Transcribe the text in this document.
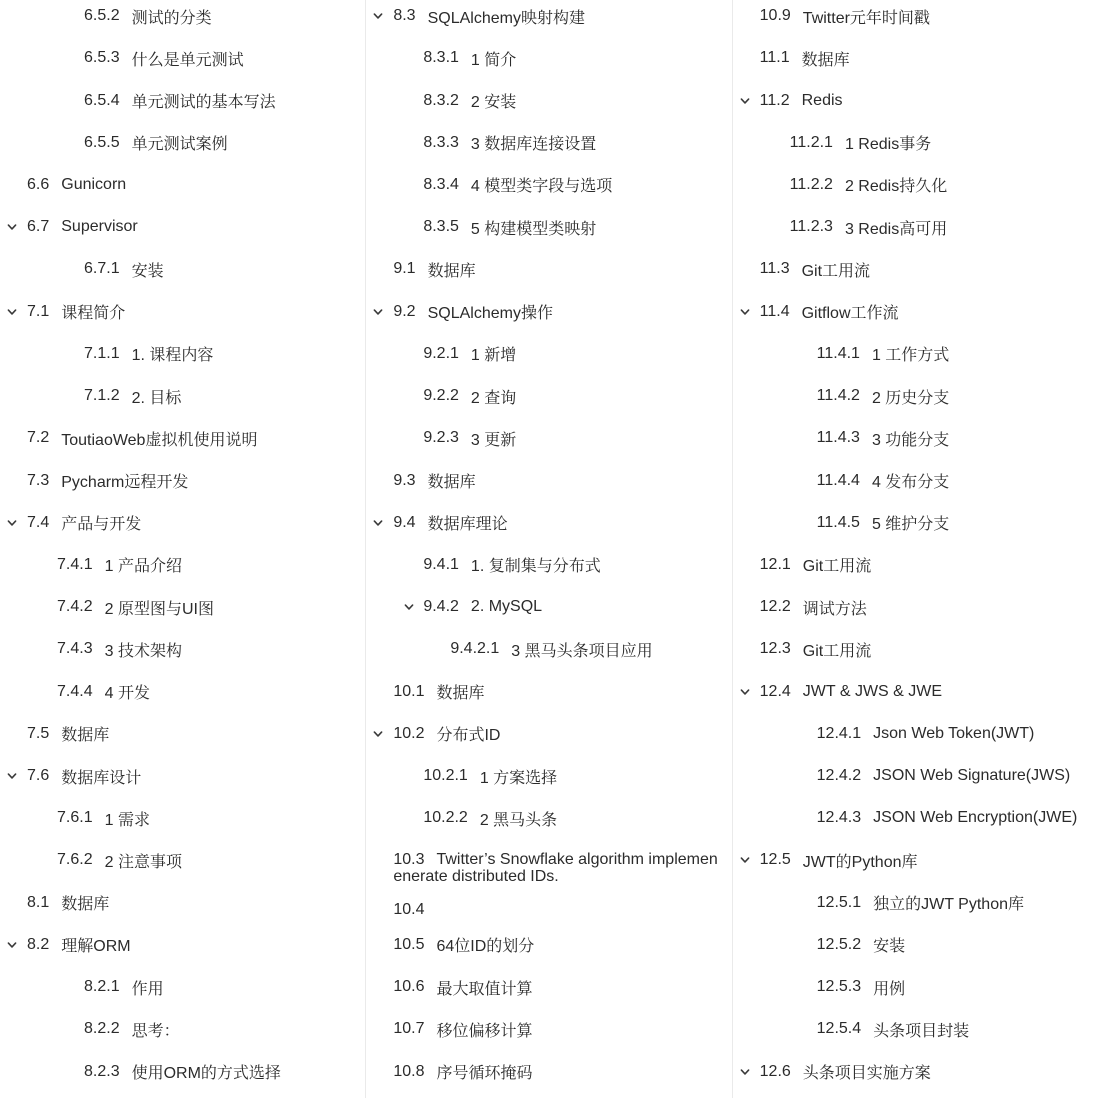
6.5.2 测试的分类
6.5.3 什么是单元测试
6.5.4 单元测试的基本写法
6.5.5 单元测试案例
6.6 Gunicorn
6.7 Supervisor
6.7.1 安装
7.1 课程简介
7.1.1 1. 课程内容
7.1.2 2. 目标
7.2 ToutiaoWeb虚拟机使用说明
7.3 Pycharm远程开发
7.4 产品与开发
7.4.1 1 产品介绍
7.4.2 2 原型图与UI图
7.4.3 3 技术架构
7.4.4 4 开发
7.5 数据库
7.6 数据库设计
7.6.1 1 需求
7.6.2 2 注意事项
8.1 数据库
8.2 理解ORM
8.2.1 作用
8.2.2 思考：
8.2.3 使用ORM的方式选择
8.3 SQLAlchemy映射构建
8.3.1 1 简介
8.3.2 2 安装
8.3.3 3 数据库连接设置
8.3.4 4 模型类字段与选项
8.3.5 5 构建模型类映射
9.1 数据库
9.2 SQLAlchemy操作
9.2.1 1 新增
9.2.2 2 查询
9.2.3 3 更新
9.3 数据库
9.4 数据库理论
9.4.1 1. 复制集与分布式
9.4.2 2. MySQL
9.4.2.1 3 黑马头条项目应用
10.1 数据库
10.2 分布式ID
10.2.1 1 方案选择
10.2.2 2 黑马头条
10.3 Twitter’s Snowflake algorithm implemen
enerate distributed IDs.
10.4
10.5 64位ID的划分
10.6 最大取值计算
10.7 移位偏移计算
10.8 序号循环掩码
10.9 Twitter元年时间戳
11.1 数据库
11.2 Redis
11.2.1 1 Redis事务
11.2.2 2 Redis持久化
11.2.3 3 Redis高可用
11.3 Git工用流
11.4 Gitflow工作流
11.4.1 1 工作方式
11.4.2 2 历史分支
11.4.3 3 功能分支
11.4.4 4 发布分支
11.4.5 5 维护分支
12.1 Git工用流
12.2 调试方法
12.3 Git工用流
12.4 JWT & JWS & JWE
12.4.1 Json Web Token(JWT)
12.4.2 JSON Web Signature(JWS)
12.4.3 JSON Web Encryption(JWE)
12.5 JWT的Python库
12.5.1 独立的JWT Python库
12.5.2 安装
12.5.3 用例
12.5.4 头条项目封装
12.6 头条项目实施方案
